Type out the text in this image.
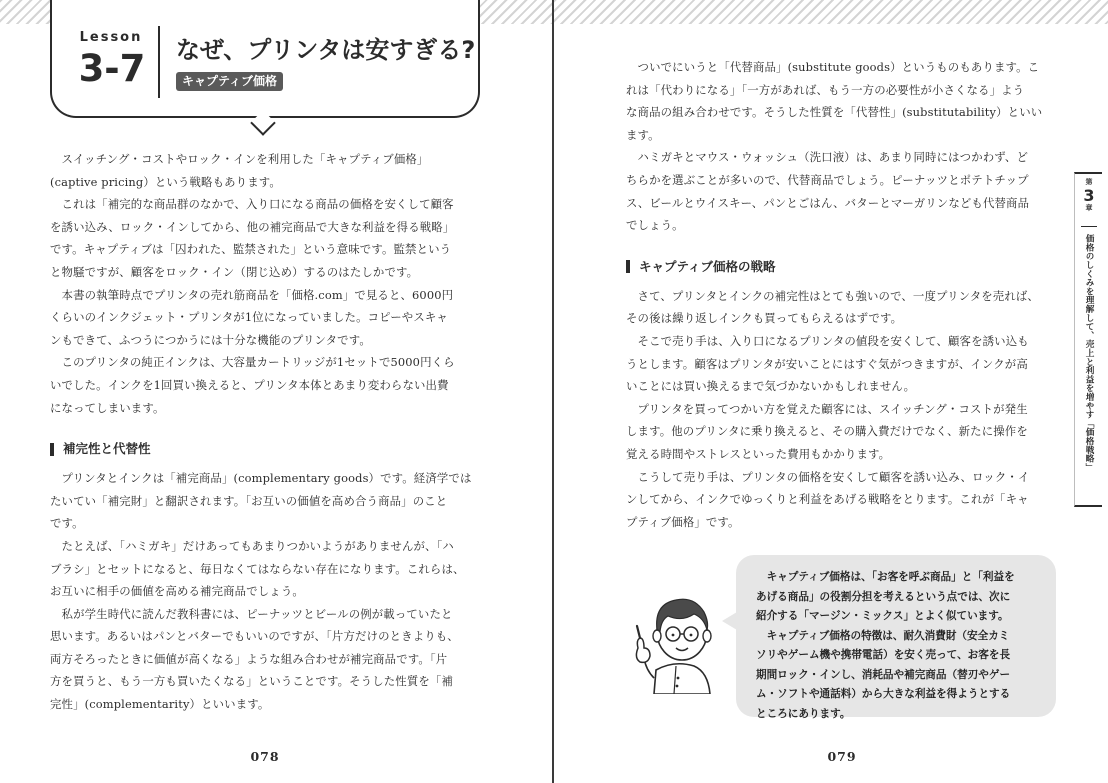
Lesson
3-7	なぜ、プリンタは安すぎる?
キャプティブ価格
　スイッチング・コストやロック・インを利用した「キャプティブ価格」
(captive pricing）という戦略もあります。
　これは「補完的な商品群のなかで、入り口になる商品の価格を安くして顧客
を誘い込み、ロック・インしてから、他の補完商品で大きな利益を得る戦略」
です。キャプティブは「囚われた、監禁された」という意味です。監禁という
と物騒ですが、顧客をロック・イン（閉じ込め）するのはたしかです。
　本書の執筆時点でプリンタの売れ筋商品を「価格.com」で見ると、6000円
くらいのインクジェット・プリンタが1位になっていました。コピーやスキャ
ンもできて、ふつうにつかうには十分な機能のプリンタです。
　このプリンタの純正インクは、大容量カートリッジが1セットで5000円くら
いでした。インクを1回買い換えると、プリンタ本体とあまり変わらない出費
になってしまいます。
補完性と代替性
　プリンタとインクは「補完商品」(complementary goods）です。経済学では
たいてい「補完財」と翻訳されます。「お互いの価値を高め合う商品」のこと
です。
　たとえば、「ハミガキ」だけあってもあまりつかいようがありませんが、「ハ
ブラシ」とセットになると、毎日なくてはならない存在になります。これらは、
お互いに相手の価値を高める補完商品でしょう。
　私が学生時代に読んだ教科書には、ピーナッツとビールの例が載っていたと
思います。あるいはパンとバターでもいいのですが、「片方だけのときよりも、
両方そろったときに価値が高くなる」ような組み合わせが補完商品です。「片
方を買うと、もう一方も買いたくなる」ということです。そうした性質を「補
完性」(complementarity）といいます。
078
　ついでにいうと「代替商品」(substitute goods）というものもあります。こ
れは「代わりになる」「一方があれば、もう一方の必要性が小さくなる」よう
な商品の組み合わせです。そうした性質を「代替性」(substitutability）といい
ます。
　ハミガキとマウス・ウォッシュ（洗口液）は、あまり同時にはつかわず、ど
ちらかを選ぶことが多いので、代替商品でしょう。ピーナッツとポテトチップ
ス、ビールとウイスキー、パンとごはん、バターとマーガリンなども代替商品
でしょう。
キャプティブ価格の戦略
　さて、プリンタとインクの補完性はとても強いので、一度プリンタを売れば、
その後は繰り返しインクも買ってもらえるはずです。
　そこで売り手は、入り口になるプリンタの値段を安くして、顧客を誘い込も
うとします。顧客はプリンタが安いことにはすぐ気がつきますが、インクが高
いことには買い換えるまで気づかないかもしれません。
　プリンタを買ってつかい方を覚えた顧客には、スイッチング・コストが発生
します。他のプリンタに乗り換えると、その購入費だけでなく、新たに操作を
覚える時間やストレスといった費用もかかります。
　こうして売り手は、プリンタの価格を安くして顧客を誘い込み、ロック・イ
ンしてから、インクでゆっくりと利益をあげる戦略をとります。これが「キャ
プティブ価格」です。
第
3
章
価格のしくみを理解して、売上と利益を増やす「価格戦略」
　キャプティブ価格は、「お客を呼ぶ商品」と「利益を
あげる商品」の役割分担を考えるという点では、次に
紹介する「マージン・ミックス」とよく似ています。
　キャプティブ価格の特徴は、耐久消費財（安全カミ
ソリやゲーム機や携帯電話）を安く売って、お客を長
期間ロック・インし、消耗品や補完商品（替刃やゲー
ム・ソフトや通話料）から大きな利益を得ようとする
ところにあります。
079
